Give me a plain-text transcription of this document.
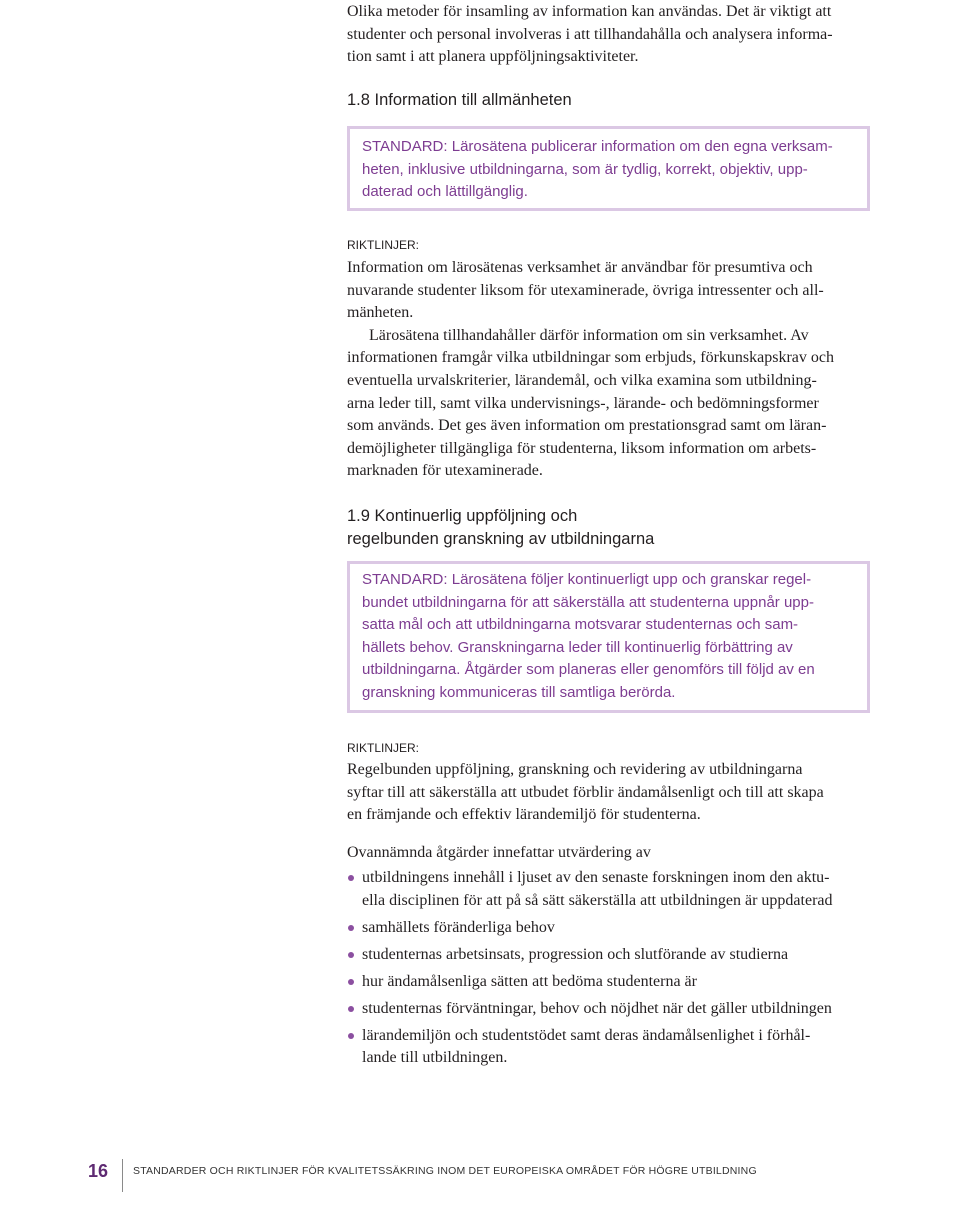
Olika metoder för insamling av information kan användas. Det är viktigt att
studenter och personal involveras i att tillhandahålla och analysera informa-
tion samt i att planera uppföljningsaktiviteter.
1.8 Information till allmänheten
STANDARD: Lärosätena publicerar information om den egna verksam-
heten, inklusive utbildningarna, som är tydlig, korrekt, objektiv, upp-
daterad och lättillgänglig.
RIKTLINJER:
Information om lärosätenas verksamhet är användbar för presumtiva och
nuvarande studenter liksom för utexaminerade, övriga intressenter och all-
mänheten.
Lärosätena tillhandahåller därför information om sin verksamhet. Av
informationen framgår vilka utbildningar som erbjuds, förkunskapskrav och
eventuella urvalskriterier, lärandemål, och vilka examina som utbildning-
arna leder till, samt vilka undervisnings-, lärande- och bedömningsformer
som används. Det ges även information om prestationsgrad samt om läran-
demöjligheter tillgängliga för studenterna, liksom information om arbets-
marknaden för utexaminerade.
1.9 Kontinuerlig uppföljning och
regelbunden granskning av utbildningarna
STANDARD: Lärosätena följer kontinuerligt upp och granskar regel-
bundet utbildningarna för att säkerställa att studenterna uppnår upp-
satta mål och att utbildningarna motsvarar studenternas och sam-
hällets behov. Granskningarna leder till kontinuerlig förbättring av
utbildningarna. Åtgärder som planeras eller genomförs till följd av en
granskning kommuniceras till samtliga berörda.
RIKTLINJER:
Regelbunden uppföljning, granskning och revidering av utbildningarna
syftar till att säkerställa att utbudet förblir ändamålsenligt och till att skapa
en främjande och effektiv lärandemiljö för studenterna.
Ovannämnda åtgärder innefattar utvärdering av
utbildningens innehåll i ljuset av den senaste forskningen inom den aktu-
ella disciplinen för att på så sätt säkerställa att utbildningen är uppdaterad
samhällets föränderliga behov
studenternas arbetsinsats, progression och slutförande av studierna
hur ändamålsenliga sätten att bedöma studenterna är
studenternas förväntningar, behov och nöjdhet när det gäller utbildningen
lärandemiljön och studentstödet samt deras ändamålsenlighet i förhål-
lande till utbildningen.
16 STANDARDER OCH RIKTLINJER FÖR KVALITETSSÄKRING INOM DET EUROPEISKA OMRÅDET FÖR HÖGRE UTBILDNING
